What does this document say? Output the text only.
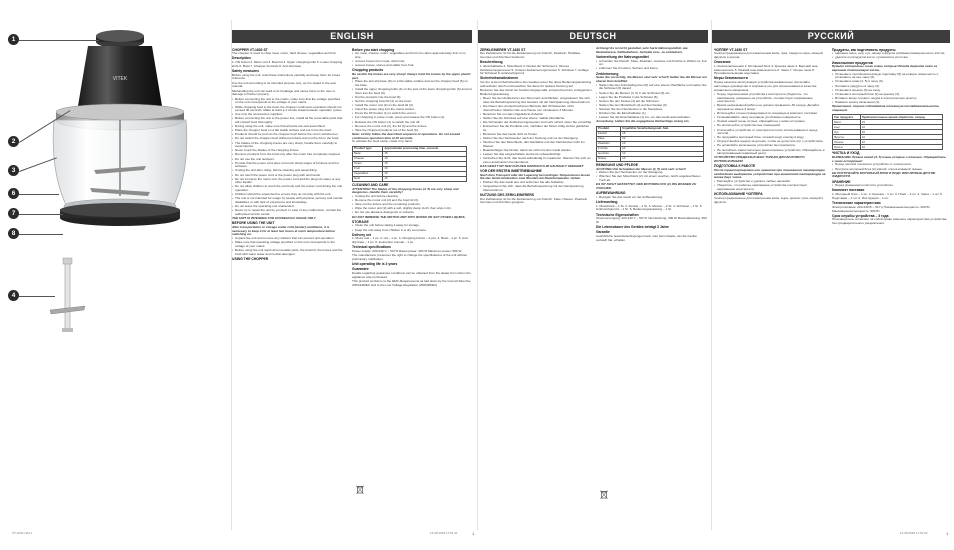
VITEK
1
2
3
6
7
8
4
ENGLISH	DEUTSCH	РУССКИЙ
CHOPPER VT-1630 ST
The chopper is used to chop meat, onion, hard cheese, vegetables and fruit.
Description
1. ON button 2. Motor unit 3. Bowl lid 4. Upper chopping knife 5. Lower chopping knife 6. Bowl 7. Chopper footrests 8. Anti-slip base
Safety measures
Before using the unit, read these instructions carefully and keep them for future reference.
Use the unit according to its intended purpose only, as it is stated in the user manual.
Mishandling the unit can lead to its breakage and cause harm to the user or damage to his/her property.
• Before connecting the unit to the mains, make sure that the voltage specified on the unit corresponds to the voltage of your mains.
• While chopping food in the bowl, the chopper continuous operation should not exceed 30 seconds. Make at least a 3 minute break between operation cycles.
• Use only the accessories supplied.
• Before connecting the unit to the power line, install all the removable parts that will contact food thoroughly.
• During using the unit, make sure that all parts are well assembled.
• Place the chopper bowl on a flat stable surface and put it into the bowl.
• Products should be put into the chopper bowl before the unit is switched on.
• Do not switch the chopper bowl without products and put the lid on the bowl.
• The blades of the chopping knives are very sharp, handle them carefully to avoid injuries.
• Never touch the blades of the chopping knives.
• Remove products from the bowl only after the motor has completely stopped.
• Do not use the unit outdoors.
• Provide that the power cord does not touch sharp edges of furniture and hot surfaces.
• Unplug the unit after using, before cleaning and assembling.
• Do not touch the power cord or the power plug with wet hands.
• Do not immerse the motor unit, the power cord and the plug into water or any other liquids.
• Do not allow children to touch the unit body and the power cord during the unit operation.
• Children should be supervised to ensure they do not play with the unit.
• The unit is not intended for usage by people with physical, sensory and mental disabilities or with lack of experience and knowledge.
• Do not leave the operating unit unattended.
• Never try to repair the unit by yourself. In case of any malfunction, contact the authorized service center.
THE UNIT IS INTENDED FOR HOUSEHOLD USAGE ONLY
BEFORE USING THE UNIT
After transportation or storage under cold (winter) conditions, it is necessary to keep it for at least two hours at room temperature before switching on.
• Unpack the unit and remove any stickers that can prevent unit operation.
• Make sure that operating voltage specified on the unit corresponds to the voltage of your mains.
• Before using the unit wash all removable parts: the bowl lid, the knives and the bowl with warm water and neutral detergent.
USING THE CHOPPER
Before you start chopping
• cut meat, cheese, onion, vegetables and fruit into cubes approximately 2x2 cm in size;
• remove bones from meat, shell nuts;
• remove bones, stones and stalks from fruit.
Chopping products
Be careful the knives are very sharp! Always hold the knives by the upper plastic part.
• Place the anti-slip base (8) on a flat stable surface and set the chopper bowl (6) on the base.
• Install the upper chopping knife (4) on the axis of the lower chopping knife (5) and put them into the bowl (6).
• Put the products into the bowl (6).
• Set the chopping bowl lid (3) on the bowl.
• Install the motor unit (2) on the bowl lid (3).
• Insert the power plug into the mains socket.
• Press the ON button (1) to switch the unit on.
• For chopping in pulse mode, press and release the ON button (1).
• Release the ON button (1) to switch the unit off.
• Remove the motor unit (2), the lid (3) and the knives.
• Take the chopped products out of the bowl (6).
Note: strictly follow the described sequence of operations. Do not exceed continuous operation time of 30 seconds.
To activate the bowl easily, rotate it by hand.
Product type	Approximate processing time, seconds
Meat	15
Cheese	10
Onion	10
Fruit	10
Vegetables	10
Nuts	10
CLEANING AND CARE
ATTENTION! The blades of the chopping knives (4, 5) are very sharp and dangerous. Handle them carefully!
• Unplug the unit before cleaning.
• Remove the motor unit (2) and the bowl lid (3).
• Take out the knives and the remaining products.
• Wipe the motor unit (2) with a soft, slightly damp cloth, then wipe it dry.
• Do not use abrasive detergents or solvents.
DO NOT IMMERSE THE MOTOR UNIT INTO WATER OR ANY OTHER LIQUIDS.
STORAGE
• Clean the unit before taking it away for storage.
• Keep the unit away from children in a dry cool place.
Delivery set
1. Motor unit – 1 pc. 2. Lid – 1 pc. 3. Chopping knives – 2 pcs. 4. Bowl – 1 pc. 5. Anti-slip base – 1 pc. 6. Instruction manual – 1 pc.
Technical specifications
Power supply: 220-240 V ~ 50 Hz Rated power: 300 W Maximum power: 500 W
The manufacturer preserves the right to change the specifications of the unit without preliminary notification.
Unit operating life is 3 years
Guarantee
Details regarding guarantee conditions can be obtained from the dealer from whom the appliance was purchased.
This product conforms to the EMC-Requirements as laid down by the Council Directive 2004/108/EC and to the Low Voltage Regulation (2006/95/EC).
ZERKLEINERER VT-1630 ST
Der Zerkleinerer ist für die Zerkleinerung von Fleisch, Zwiebeln, Hartkäse, Gemüse und Früchten bestimmt.
Beschreibung
1. Einschalttaste 2. Motorblock 3. Deckel der Schüssel 4. Oberes Zerkleinerungsmesser 5. Unteres Zerkleinerungsmesser 6. Schüssel 7. Auflage für Schüssel 8. Antirutschgummi
Sicherheitsmaßnahmen
Vor der ersten Inbetriebnahme des Gerätes lesen Sie diese Bedienungsanleitung aufmerksam durch und bewahren Sie diese für spätere Nutzung auf.
Benutzen Sie das Gerät nur bestimmungsgemäß, entsprechend der vorliegenden Bedienungsanleitung.
• Bevor Sie den Zerkleinerer ans Stromnetz anschließen, vergewissern Sie sich, dass die Betriebsspannung des Gerätes mit der Netzspannung übereinstimmt.
• Die Dauer des ununterbrochenen Betriebs darf 30 Sekunden nicht überschreiten. Machen Sie eine Pause von mindestens 3 Minuten.
• Benutzen Sie nur das mitgelieferte Zubehör.
• Stellen Sie die Schüssel auf eine ebene, stabile Oberfläche.
• Die Schneiden der Zerkleinerungsmesser sind sehr scharf, seien Sie vorsichtig.
• Entnehmen Sie die Produkte erst, nachdem der Motor völlig stehen geblieben ist.
• Benutzen Sie das Gerät nicht im Freien.
• Ziehen Sie den Netzstecker nach der Nutzung und vor der Reinigung.
• Tauchen Sie den Motorblock, das Netzkabel und den Netzstecker nicht ins Wasser.
• Beaufsichtigen Sie Kinder, damit sie nicht mit dem Gerät spielen.
• Lassen Sie das eingeschaltete Gerät nie unbeaufsichtigt.
• Versuchen Sie nicht, das Gerät selbständig zu reparieren. Wenden Sie sich an einen autorisierten Kundendienst.
DAS GERÄT IST NUR FÜR DEN GEBRAUCH IM HAUSHALT GEEIGNET
VOR DER ERSTEN INBETRIEBNAHME
Nach dem Transport oder der Lagerung bei niedrigen Temperaturen lassen Sie das Gerät mindestens zwei Stunden bei Raumtemperatur stehen.
• Packen Sie das Gerät aus und entfernen Sie alle Aufkleber.
• Vergewissern Sie sich, dass die Betriebsspannung mit der Netzspannung übereinstimmt.
NUTZUNG DES ZERKLEINERERS
Der Zerkleinerer ist für die Zerkleinerung von Fleisch, Käse, Nüssen, Zwiebeln, Gemüse und Früchten geeignet.
Achtung! Es ist nicht gestattet, sehr harte Nahrungsmittel, wie Muskatnüsse, Kaffeebohnen, Getreide usw., zu zerkleinern.
Vorbereitung der Nahrungsmittel
• schneiden Sie Fleisch, Käse, Zwiebeln, Gemüse und Früchte in Würfel ca. 2x2 cm;
• entfernen Sie Knochen, Sehnen und Kerne.
Zerkleinerung
Seien Sie vorsichtig, die Messer sind sehr scharf! Halten Sie die Messer am oberen Kunststoffteil.
• Stellen Sie den Antirutschgummi (8) auf eine ebene Oberfläche und stellen Sie die Schüssel (6) darauf.
• Setzen Sie die Messer (4, 5) in die Schüssel (6) ein.
• Legen Sie die Produkte in die Schüssel (6).
• Setzen Sie den Deckel (3) auf die Schüssel.
• Stellen Sie den Motorblock (2) auf den Deckel (3).
• Stecken Sie den Netzstecker in die Steckdose.
• Drücken Sie die Einschalttaste (1).
• Lassen Sie die Einschalttaste (1) los, um das Gerät auszuschalten.
Anmerkung: Halten Sie die angegebene Reihenfolge streng ein.
Produkt	Ungefähre Verarbeitungszeit, Sek.
Fleisch	15
Käse	10
Zwiebeln	10
Früchte	10
Gemüse	10
Nüsse	10
REINIGUNG UND PFLEGE
ACHTUNG! Die Schneiden der Messer (4, 5) sind sehr scharf!
• Ziehen Sie den Netzstecker vor der Reinigung.
• Wischen Sie den Motorblock (2) mit einem weichen, leicht angefeuchteten Tuch ab.
ES IST NICHT GESTATTET, DEN MOTORBLOCK (2) INS WASSER ZU TAUCHEN.
AUFBEWAHRUNG
• Reinigen Sie das Gerät vor der Aufbewahrung.
Lieferumfang
1. Motorblock – 1 St. 2. Deckel – 1 St. 3. Messer – 2 St. 4. Schüssel – 1 St. 5. Antirutschgummi – 1 St. 6. Bedienungsanleitung – 1 St.
Technische Eigenschaften
Stromversorgung: 220-240 V ~ 50 Hz Nennleistung: 300 W Maximalleistung: 500 W
Die Lebensdauer des Gerätes beträgt 3 Jahre
Garantie
Ausführliche Garantiebedingungen kann man beim Dealer, der die Geräte verkauft hat, erhalten.
ЧОППЕР VT-1630 ST
Чоппер предназначен для измельчения мяса, лука, твердого сыра, овощей, фруктов и орехов.
Описание
1. Кнопка включения 2. Моторный блок 3. Крышка чаши 4. Верхний нож-измельчитель 5. Нижний нож-измельчитель 6. Чаша 7. Опоры чаши 8. Противоскользящая подставка
Меры безопасности
Перед началом эксплуатации устройства внимательно прочитайте настоящее руководство и сохраните его для использования в качестве справочного материала.
• Перед подключением устройства к электросети убедитесь, что напряжение, указанное на устройстве, соответствует напряжению электросети.
• Время непрерывной работы не должно превышать 30 секунд. Делайте перерыв не менее 3 минут.
• Используйте только принадлежности, входящие в комплект поставки.
• Устанавливайте чашу на ровную устойчивую поверхность.
• Лезвия ножей очень острые, обращайтесь с ними осторожно.
• Не используйте устройство вне помещений.
• Отключайте устройство от электросети после использования и перед чисткой.
• Не погружайте моторный блок, сетевой шнур и вилку в воду.
• Осуществляйте надзор за детьми, чтобы не допустить игр с устройством.
• Не оставляйте включенное устройство без присмотра.
• Не пытайтесь самостоятельно ремонтировать устройство. Обращайтесь в авторизованный сервисный центр.
УСТРОЙСТВО ПРЕДНАЗНАЧЕНО ТОЛЬКО ДЛЯ БЫТОВОГО ИСПОЛЬЗОВАНИЯ
ПОДГОТОВКА К РАБОТЕ
После транспортировки или хранения при пониженной температуре необходимо выдержать устройство при комнатной температуре не менее двух часов.
• Распакуйте устройство и удалите любые наклейки.
• Убедитесь, что рабочее напряжение устройства соответствует напряжению электросети.
ИСПОЛЬЗОВАНИЕ ЧОППЕРА
Чоппер предназначен для измельчения мяса, сыра, орехов, лука, овощей и фруктов.
Продукты, как подготовить продукты
• нарежьте мясо, сыр, лук, овощи и фрукты кубиками размером около 2x2 см;
• удалите из продуктов кости, сухожилия и косточки.
Измельчение продуктов
Будьте осторожны, ножи очень острые! Всегда держите ножи за верхнюю пластиковую часть.
• Установите противоскользящую подставку (8) на ровную поверхность и установите на нее чашу (6).
• Установите ножи (4, 5) в чашу (6).
• Положите продукты в чашу (6).
• Установите крышку (3) на чашу.
• Установите моторный блок (2) на крышку (3).
• Вставьте вилку сетевого шнура в электрическую розетку.
• Нажмите кнопку включения (1).
Примечание: строго соблюдайте описанную последовательность операций.
Тип продукта	Приблизительное время обработки, секунд
Мясо	15
Сыр	10
Лук	10
Фрукты	10
Овощи	10
Орехи	10
ЧИСТКА И УХОД
ВНИМАНИЕ! Лезвия ножей (4, 5) очень острые и опасные. Обращайтесь с ними осторожно!
• Перед чисткой отключите устройство от электросети.
• Протрите моторный блок (2) мягкой, слегка влажной тканью.
НЕ ПОГРУЖАЙТЕ МОТОРНЫЙ БЛОК В ВОДУ ИЛИ ЛЮБЫЕ ДРУГИЕ ЖИДКОСТИ.
ХРАНЕНИЕ
• Перед хранением почистите устройство.
Комплект поставки
1. Моторный блок – 1 шт. 2. Крышка – 1 шт. 3. Ножи – 2 шт. 4. Чаша – 1 шт. 5. Подставка – 1 шт. 6. Инструкция – 1 шт.
Технические характеристики
Электропитание: 220-240 В ~ 50 Гц Номинальная мощность: 300 Вт Максимальная мощность: 500 Вт
Срок службы устройства – 3 года
Производитель оставляет за собой право изменять характеристики устройства без предварительного уведомления.
1	1
VT-1630.indd 1	14.08.2018 17:51:31	14.08.2018 17:51:02
